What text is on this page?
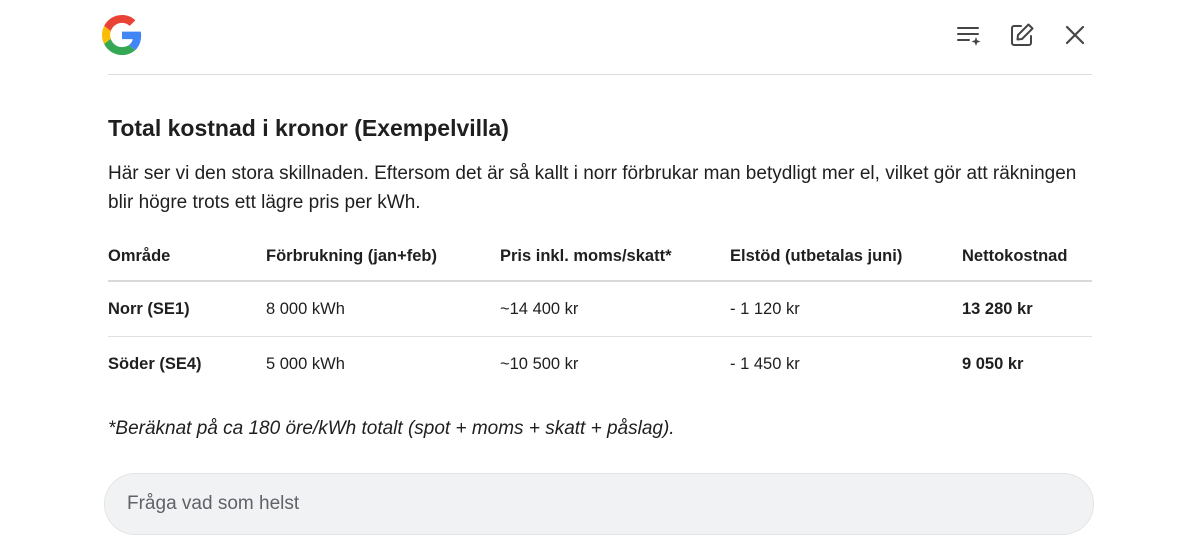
Total kostnad i kronor (Exempelvilla)

Här ser vi den stora skillnaden. Eftersom det är så kallt i norr förbrukar man betydligt mer el, vilket gör att räkningen blir högre trots ett lägre pris per kWh.

Område	Förbrukning (jan+feb)	Pris inkl. moms/skatt*	Elstöd (utbetalas juni)	Nettokostnad
Norr (SE1)	8 000 kWh	~14 400 kr	- 1 120 kr	13 280 kr
Söder (SE4)	5 000 kWh	~10 500 kr	- 1 450 kr	9 050 kr

*Beräknat på ca 180 öre/kWh totalt (spot + moms + skatt + påslag).

Fråga vad som helst
